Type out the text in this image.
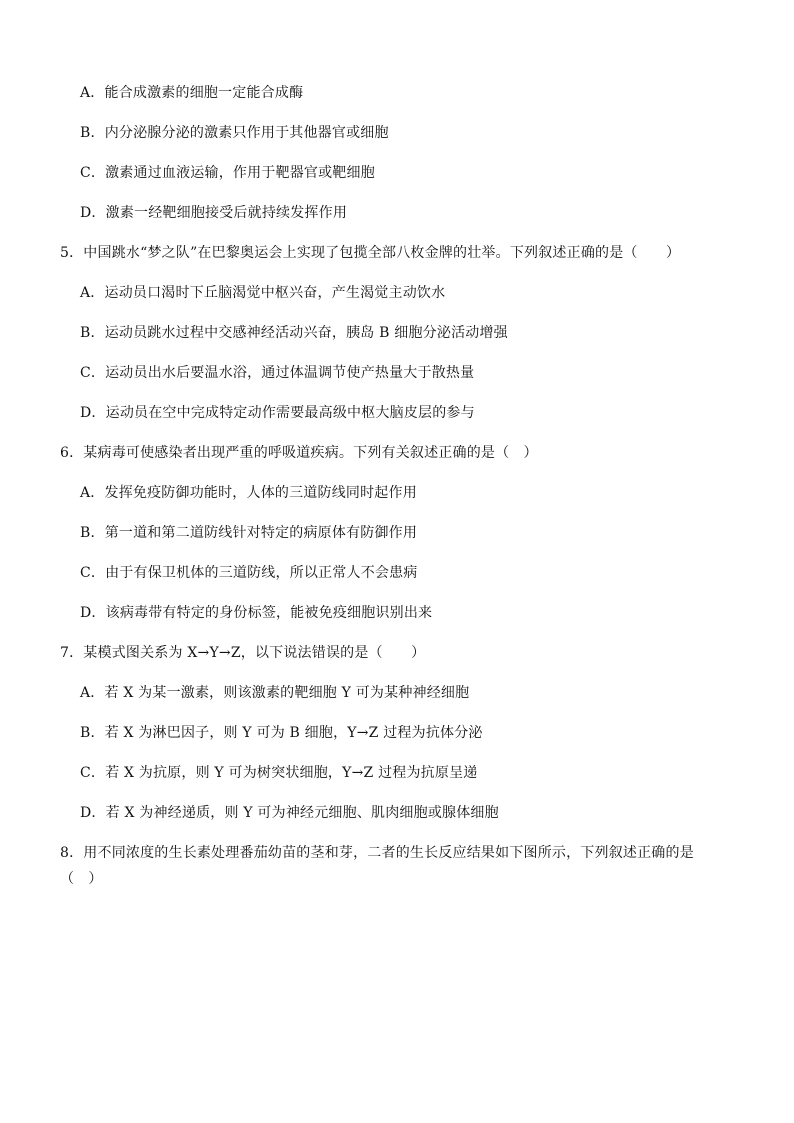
A．能合成激素的细胞一定能合成酶
B．内分泌腺分泌的激素只作用于其他器官或细胞
C．激素通过血液运输，作用于靶器官或靶细胞
D．激素一经靶细胞接受后就持续发挥作用
5．中国跳水“梦之队”在巴黎奥运会上实现了包揽全部八枚金牌的壮举。下列叙述正确的是（　　）
A．运动员口渴时下丘脑渴觉中枢兴奋，产生渴觉主动饮水
B．运动员跳水过程中交感神经活动兴奋，胰岛 B 细胞分泌活动增强
C．运动员出水后要温水浴，通过体温调节使产热量大于散热量
D．运动员在空中完成特定动作需要最高级中枢大脑皮层的参与
6．某病毒可使感染者出现严重的呼吸道疾病。下列有关叙述正确的是（　）
A．发挥免疫防御功能时，人体的三道防线同时起作用
B．第一道和第二道防线针对特定的病原体有防御作用
C．由于有保卫机体的三道防线，所以正常人不会患病
D．该病毒带有特定的身份标签，能被免疫细胞识别出来
7．某模式图关系为 X→Y→Z，以下说法错误的是（　　）
A．若 X 为某一激素，则该激素的靶细胞 Y 可为某种神经细胞
B．若 X 为淋巴因子，则 Y 可为 B 细胞，Y→Z 过程为抗体分泌
C．若 X 为抗原，则 Y 可为树突状细胞，Y→Z 过程为抗原呈递
D．若 X 为神经递质，则 Y 可为神经元细胞、肌肉细胞或腺体细胞
8．用不同浓度的生长素处理番茄幼苗的茎和芽，二者的生长反应结果如下图所示，下列叙述正确的是
（　）
